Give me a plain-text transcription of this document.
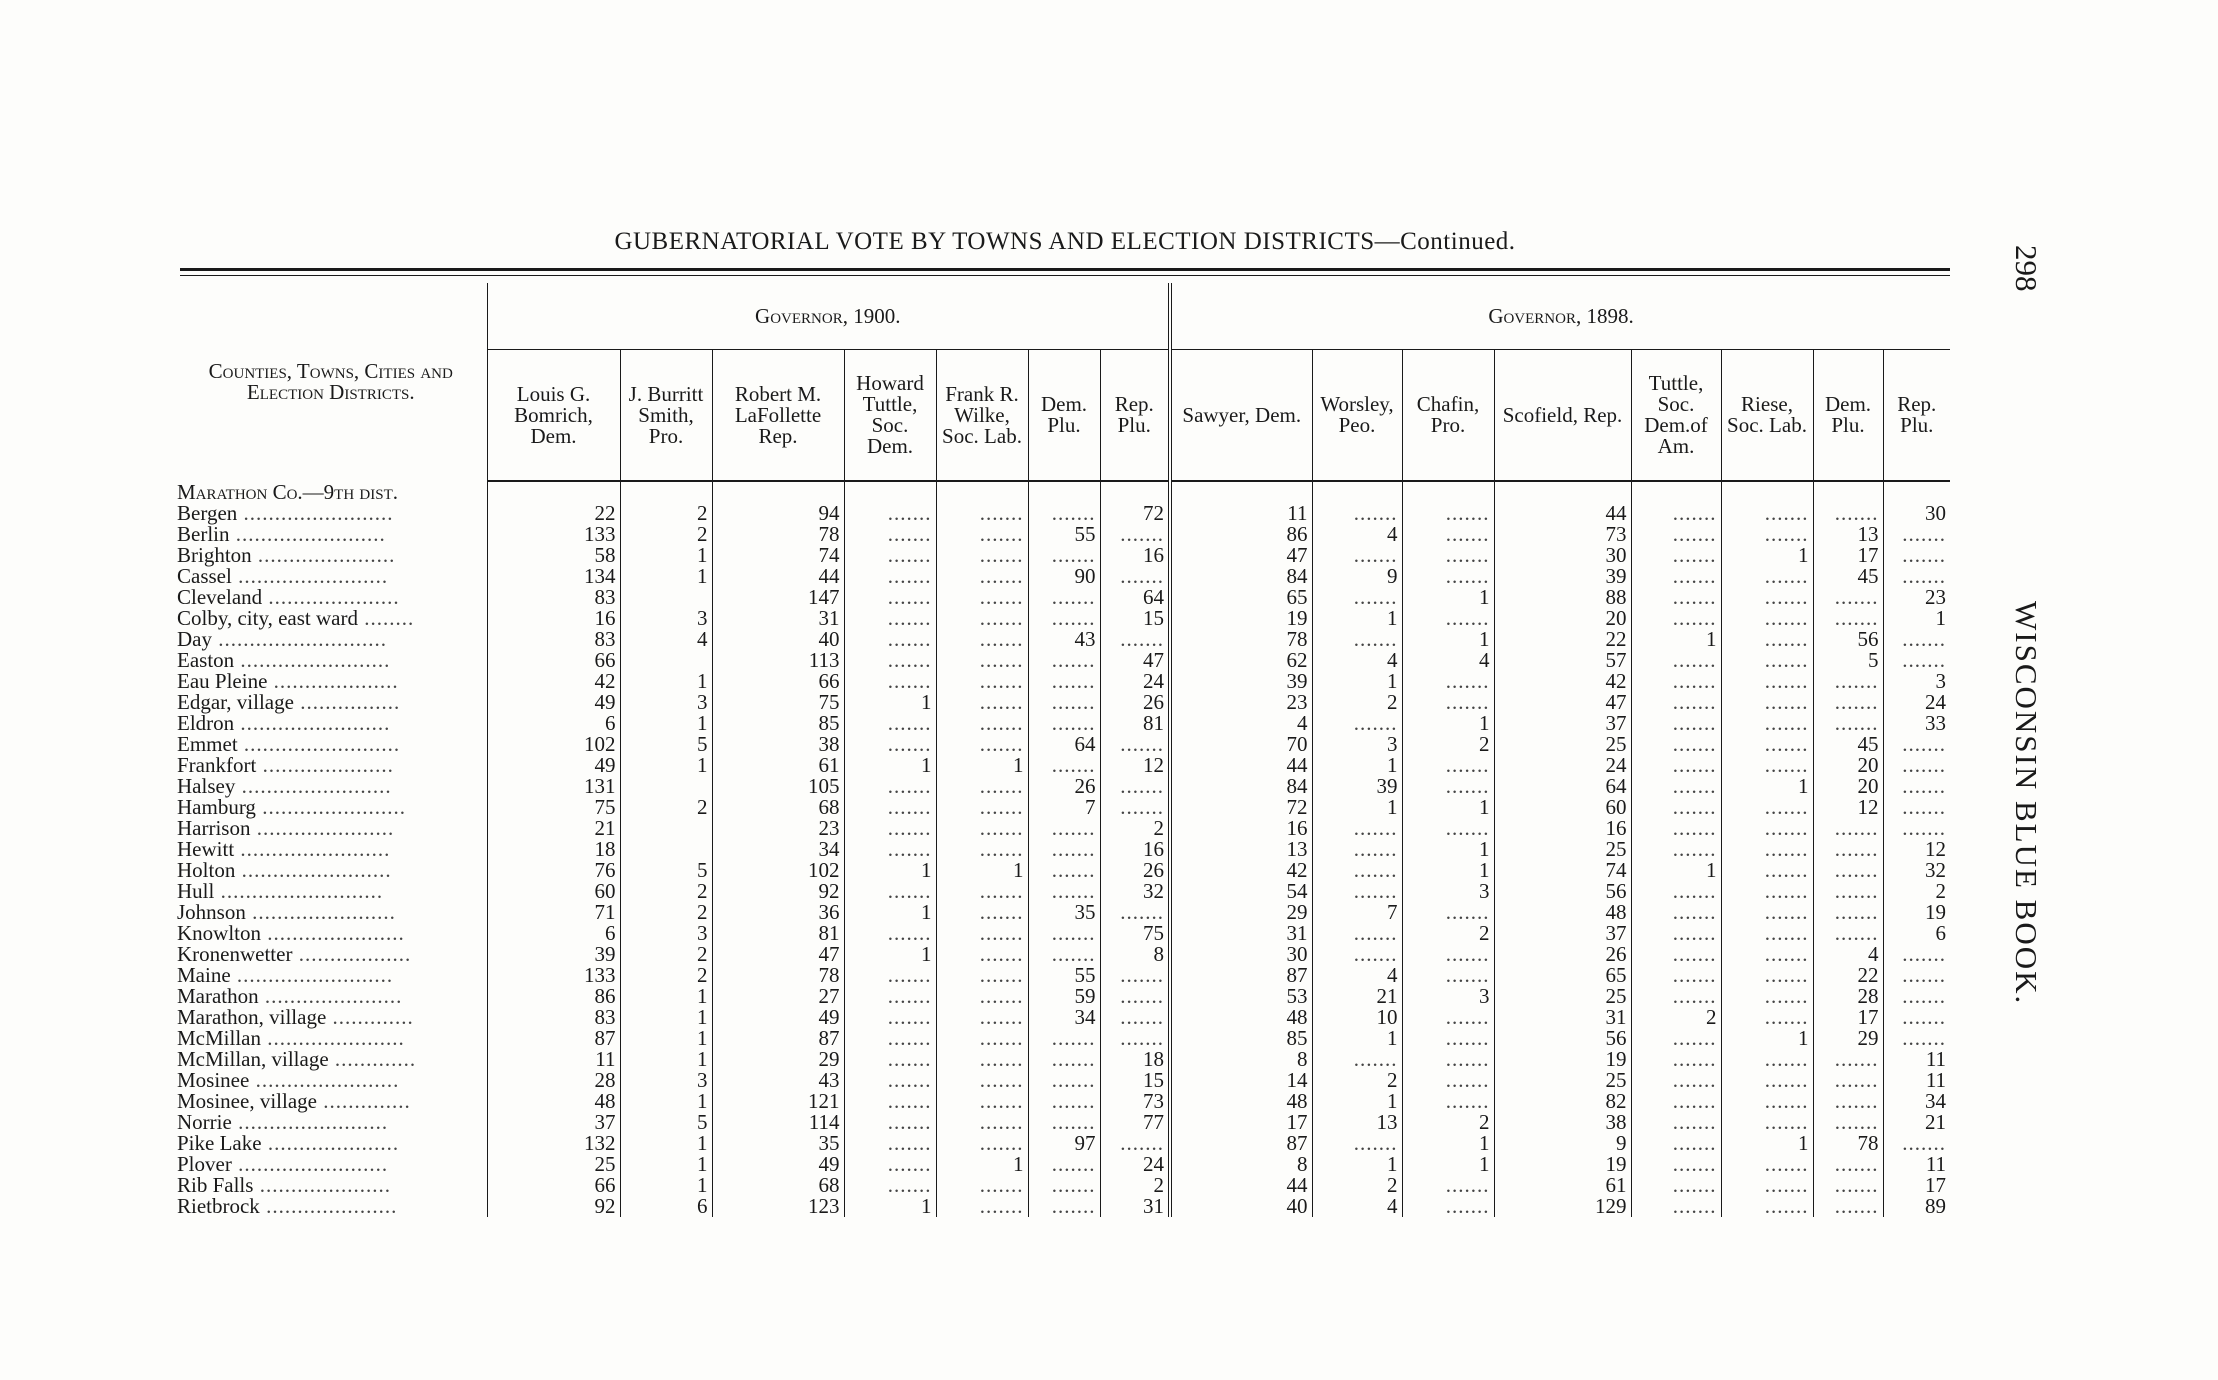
GUBERNATORIAL VOTE BY TOWNS AND ELECTION DISTRICTS—Continued.
298
WISCONSIN BLUE BOOK.
Counties, Towns, Cities and Election Districts.	Governor, 1900.							Governor, 1898.							
	Louis G. Bomrich, Dem.	J. Burritt Smith, Pro.	Robert M. LaFollette Rep.	Howard Tuttle, Soc. Dem.	Frank R. Wilke, Soc. Lab.	Dem. Plu.	Rep. Plu.	Sawyer, Dem.	Worsley, Peo.	Chafin, Pro.	Scofield, Rep.	Tuttle, Soc. Dem.of Am.	Riese, Soc. Lab.	Dem. Plu.	Rep. Plu.
Marathon Co.—9th dist.															
Bergen ........................	22	2	94	.......	.......	.......	72	11	.......	.......	44	.......	.......	.......	30
Berlin ........................	133	2	78	.......	.......	55	.......	86	4	.......	73	.......	.......	13	.......
Brighton ......................	58	1	74	.......	.......	.......	16	47	.......	.......	30	.......	1	17	.......
Cassel ........................	134	1	44	.......	.......	90	.......	84	9	.......	39	.......	.......	45	.......
Cleveland .....................	83		147	.......	.......	.......	64	65	.......	1	88	.......	.......	.......	23
Colby, city, east ward ........	16	3	31	.......	.......	.......	15	19	1	.......	20	.......	.......	.......	1
Day ...........................	83	4	40	.......	.......	43	.......	78	.......	1	22	1	.......	56	.......
Easton ........................	66		113	.......	.......	.......	47	62	4	4	57	.......	.......	5	.......
Eau Pleine ....................	42	1	66	.......	.......	.......	24	39	1	.......	42	.......	.......	.......	3
Edgar, village ................	49	3	75	1	.......	.......	26	23	2	.......	47	.......	.......	.......	24
Eldron ........................	6	1	85	.......	.......	.......	81	4	.......	1	37	.......	.......	.......	33
Emmet .........................	102	5	38	.......	.......	64	.......	70	3	2	25	.......	.......	45	.......
Frankfort .....................	49	1	61	1	1	.......	12	44	1	.......	24	.......	.......	20	.......
Halsey ........................	131		105	.......	.......	26	.......	84	39	.......	64	.......	1	20	.......
Hamburg .......................	75	2	68	.......	.......	7	.......	72	1	1	60	.......	.......	12	.......
Harrison ......................	21		23	.......	.......	.......	2	16	.......	.......	16	.......	.......	.......	.......
Hewitt ........................	18		34	.......	.......	.......	16	13	.......	1	25	.......	.......	.......	12
Holton ........................	76	5	102	1	1	.......	26	42	.......	1	74	1	.......	.......	32
Hull ..........................	60	2	92	.......	.......	.......	32	54	.......	3	56	.......	.......	.......	2
Johnson .......................	71	2	36	1	.......	35	.......	29	7	.......	48	.......	.......	.......	19
Knowlton ......................	6	3	81	.......	.......	.......	75	31	.......	2	37	.......	.......	.......	6
Kronenwetter ..................	39	2	47	1	.......	.......	8	30	.......	.......	26	.......	.......	4	.......
Maine .........................	133	2	78	.......	.......	55	.......	87	4	.......	65	.......	.......	22	.......
Marathon ......................	86	1	27	.......	.......	59	.......	53	21	3	25	.......	.......	28	.......
Marathon, village .............	83	1	49	.......	.......	34	.......	48	10	.......	31	2	.......	17	.......
McMillan ......................	87	1	87	.......	.......	.......	.......	85	1	.......	56	.......	1	29	.......
McMillan, village .............	11	1	29	.......	.......	.......	18	8	.......	.......	19	.......	.......	.......	11
Mosinee .......................	28	3	43	.......	.......	.......	15	14	2	.......	25	.......	.......	.......	11
Mosinee, village ..............	48	1	121	.......	.......	.......	73	48	1	.......	82	.......	.......	.......	34
Norrie ........................	37	5	114	.......	.......	.......	77	17	13	2	38	.......	.......	.......	21
Pike Lake .....................	132	1	35	.......	.......	97	.......	87	.......	1	9	.......	1	78	.......
Plover ........................	25	1	49	.......	1	.......	24	8	1	1	19	.......	.......	.......	11
Rib Falls .....................	66	1	68	.......	.......	.......	2	44	2	.......	61	.......	.......	.......	17
Rietbrock .....................	92	6	123	1	.......	.......	31	40	4	.......	129	.......	.......	.......	89
